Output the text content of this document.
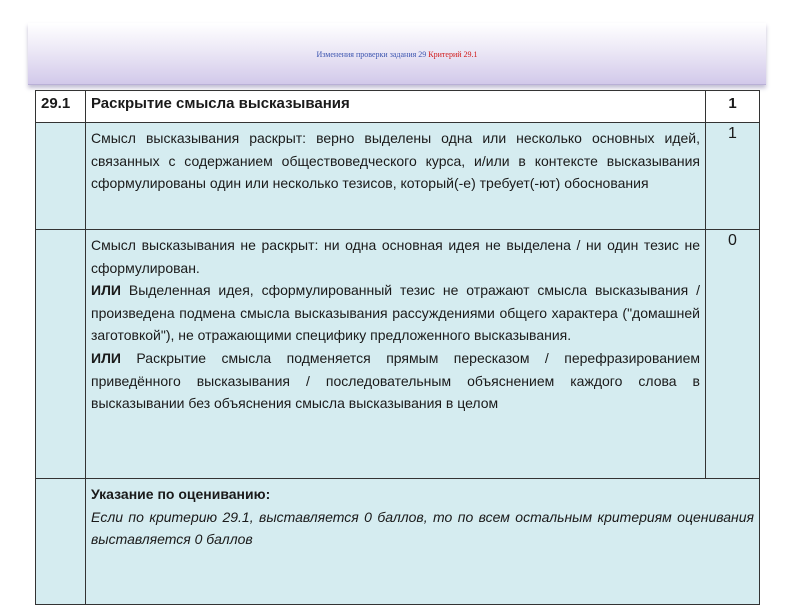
Изменения проверки задания 29 Критерий 29.1
29.1	Раскрытие смысла высказывания	1

	Смысл высказывания раскрыт: верно выделены одна или несколько основных идей, связанных с содержанием обществоведческого курса, и/или в контексте высказывания сформулированы один или несколько тезисов, который(-е) требует(-ют) обоснования	1

	Смысл высказывания не раскрыт: ни одна основная идея не выделена / ни один тезис не сформулирован.

ИЛИ Выделенная идея, сформулированный тезис не отражают смысла высказывания / произведена подмена смысла высказывания рассуждениями общего характера ("домашней заготовкой"), не отражающими специфику предложенного высказывания.

ИЛИ Раскрытие смысла подменяется прямым пересказом / перефразированием приведённого высказывания / последовательным объяснением каждого слова в высказывании без объяснения смысла высказывания в целом	0

	Указание по оцениванию:

Если по критерию 29.1, выставляется 0 баллов, то по всем остальным критериям оценивания выставляется 0 баллов	
